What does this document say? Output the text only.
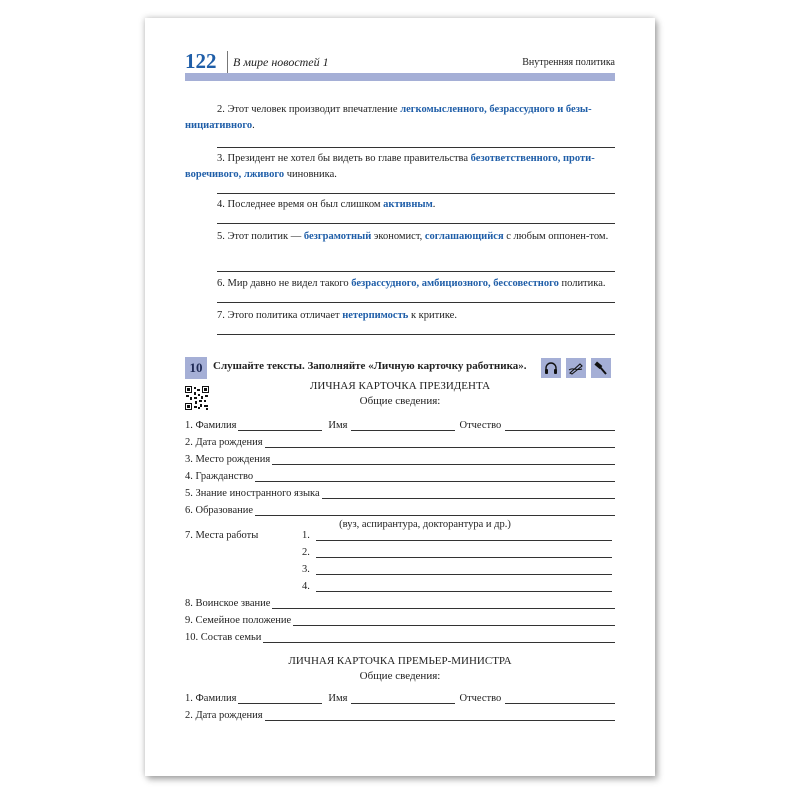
122 В мире новостей 1	Внутренняя политика

2. Этот человек производит впечатление легкомысленного, безрассудного и безы-
нициативного.

3. Президент не хотел бы видеть во главе правительства безответственного, проти-
воречивого, лживого чиновника.

4. Последнее время он был слишком активным.

5. Этот политик — безграмотный экономист, соглашающийся с любым оппонен-том.

6. Мир давно не видел такого безрассудного, амбициозного, бессовестного политика.

7. Этого политика отличает нетерпимость к критике.

10 Слушайте тексты. Заполняйте «Личную карточку работника».
ЛИЧНАЯ КАРТОЧКА ПРЕЗИДЕНТА
Общие сведения:
1. Фамилия	Имя	Отчество
2. Дата рождения
3. Место рождения
4. Гражданство
5. Знание иностранного языка
6. Образование
(вуз, аспирантура, докторантура и др.)
7. Места работы	1.
2.
3.
4.
8. Воинское звание
9. Семейное положение
10. Состав семьи
ЛИЧНАЯ КАРТОЧКА ПРЕМЬЕР-МИНИСТРА
Общие сведения:
1. Фамилия	Имя	Отчество
2. Дата рождения
